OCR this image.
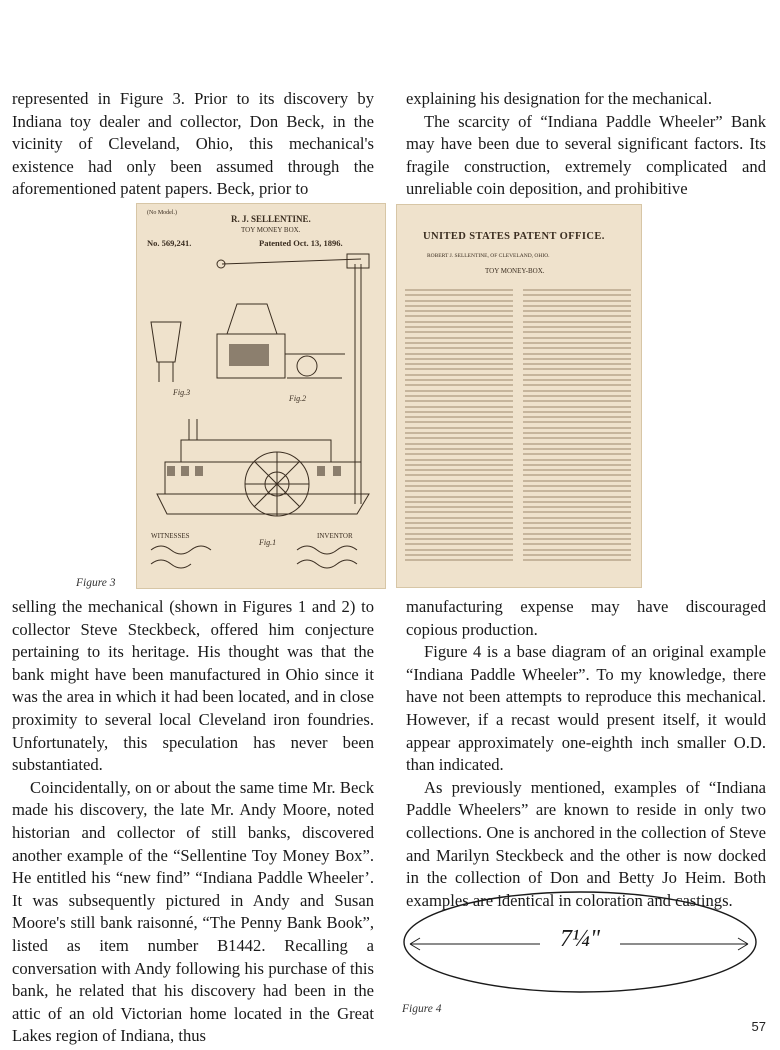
represented in Figure 3. Prior to its discovery by Indiana toy dealer and collector, Don Beck, in the vicinity of Cleveland, Ohio, this mechanical's existence had only been assumed through the aforementioned patent papers. Beck, prior to

explaining his designation for the mechanical.

The scarcity of “Indiana Paddle Wheeler” Bank may have been due to several significant factors. Its fragile construction, extremely complicated and unreliable coin deposition, and prohibitive

(No Model.)
R. J. SELLENTINE.
TOY MONEY BOX.
No. 569,241.	Patented Oct. 13, 1896.
Fig.3
Fig.2
Fig.1
WITNESSES	INVENTOR
UNITED STATES PATENT OFFICE.
ROBERT J. SELLENTINE, OF CLEVELAND, OHIO.
TOY MONEY-BOX.
Figure 3

selling the mechanical (shown in Figures 1 and 2) to collector Steve Steckbeck, offered him conjecture pertaining to its heritage. His thought was that the bank might have been manufactured in Ohio since it was the area in which it had been located, and in close proximity to several local Cleveland iron foundries. Unfortunately, this speculation has never been substantiated.

Coincidentally, on or about the same time Mr. Beck made his discovery, the late Mr. Andy Moore, noted historian and collector of still banks, discovered another example of the “Sellentine Toy Money Box”. He entitled his “new find” “Indiana Paddle Wheeler’. It was subsequently pictured in Andy and Susan Moore's still bank raisonné, “The Penny Bank Book”, listed as item number B1442. Recalling a conversation with Andy following his purchase of this bank, he related that his discovery had been in the attic of an old Victorian home located in the Great Lakes region of Indiana, thus

manufacturing expense may have discouraged copious production.

Figure 4 is a base diagram of an original example “Indiana Paddle Wheeler”. To my knowledge, there have not been attempts to reproduce this mechanical. However, if a recast would present itself, it would appear approximately one-eighth inch smaller O.D. than indicated.

As previously mentioned, examples of “Indiana Paddle Wheelers” are known to reside in only two collections. One is anchored in the collection of Steve and Marilyn Steckbeck and the other is now docked in the collection of Don and Betty Jo Heim. Both examples are identical in coloration and castings.

7¼"
Figure 4
57
